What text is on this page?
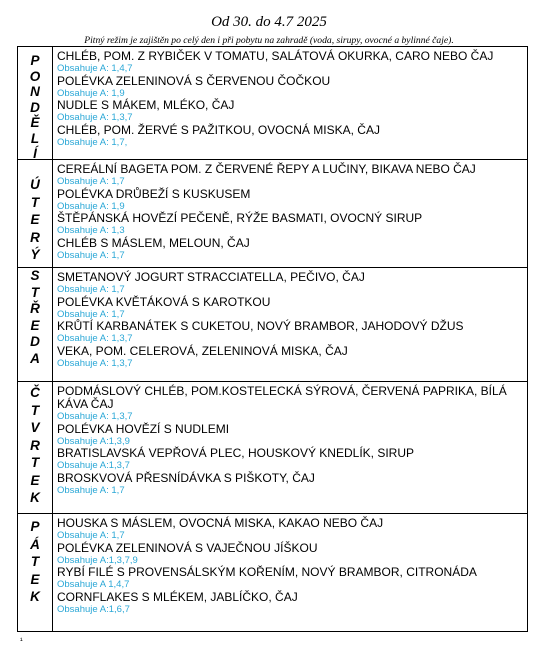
Od 30. do 4.7 2025
Pitný režim je zajištěn po celý den i při pobytu na zahradě (voda, sirupy, ovocné a bylinné čaje).
P
O
N
D
Ě
L
Í
CHLÉB, POM. Z RYBIČEK V TOMATU, SALÁTOVÁ OKURKA, CARO NEBO ČAJ
Obsahuje A: 1,4,7
POLÉVKA ZELENINOVÁ S ČERVENOU ČOČKOU
Obsahuje A: 1,9
NUDLE S MÁKEM, MLÉKO, ČAJ
Obsahuje A: 1,3,7
CHLÉB, POM. ŽERVÉ S PAŽITKOU, OVOCNÁ MISKA, ČAJ
Obsahuje A: 1,7,
Ú
T
E
R
Ý
CEREÁLNÍ BAGETA POM. Z ČERVENÉ ŘEPY A LUČINY, BIKAVA NEBO ČAJ
Obsahuje A: 1,7
POLÉVKA DRŮBEŽÍ S KUSKUSEM
Obsahuje A: 1,9
ŠTĚPÁNSKÁ HOVĚZÍ PEČENĚ, RÝŽE BASMATI, OVOCNÝ SIRUP
Obsahuje A: 1,3
CHLÉB S MÁSLEM, MELOUN, ČAJ
Obsahuje A: 1,7
S
T
Ř
E
D
A
SMETANOVÝ JOGURT STRACCIATELLA, PEČIVO, ČAJ
Obsahuje A: 1,7
POLÉVKA KVĚTÁKOVÁ S KAROTKOU
Obsahuje A: 1,7
KRŮTÍ KARBANÁTEK S CUKETOU, NOVÝ BRAMBOR, JAHODOVÝ DŽUS
Obsahuje A: 1,3,7
VEKA, POM. CELEROVÁ, ZELENINOVÁ MISKA, ČAJ
Obsahuje A: 1,3,7
Č
T
V
R
T
E
K
PODMÁSLOVÝ CHLÉB, POM.KOSTELECKÁ SÝROVÁ, ČERVENÁ PAPRIKA, BÍLÁ KÁVA ČAJ
Obsahuje A: 1,3,7
POLÉVKA HOVĚZÍ S NUDLEMI
Obsahuje A:1,3,9
BRATISLAVSKÁ VEPŘOVÁ PLEC, HOUSKOVÝ KNEDLÍK, SIRUP
Obsahuje A:1,3,7
BROSKVOVÁ PŘESNÍDÁVKA S PIŠKOTY, ČAJ
Obsahuje A: 1,7
P
Á
T
E
K
HOUSKA S MÁSLEM, OVOCNÁ MISKA, KAKAO NEBO ČAJ
Obsahuje A: 1,7
POLÉVKA ZELENINOVÁ S VAJEČNOU JÍŠKOU
Obsahuje A:1,3,7,9
RYBÍ FILÉ S PROVENSÁLSKÝM KOŘENÍM, NOVÝ BRAMBOR, CITRONÁDA
Obsahuje A 1,4,7
CORNFLAKES S MLÉKEM, JABLÍČKO, ČAJ
Obsahuje A:1,6,7
¹
